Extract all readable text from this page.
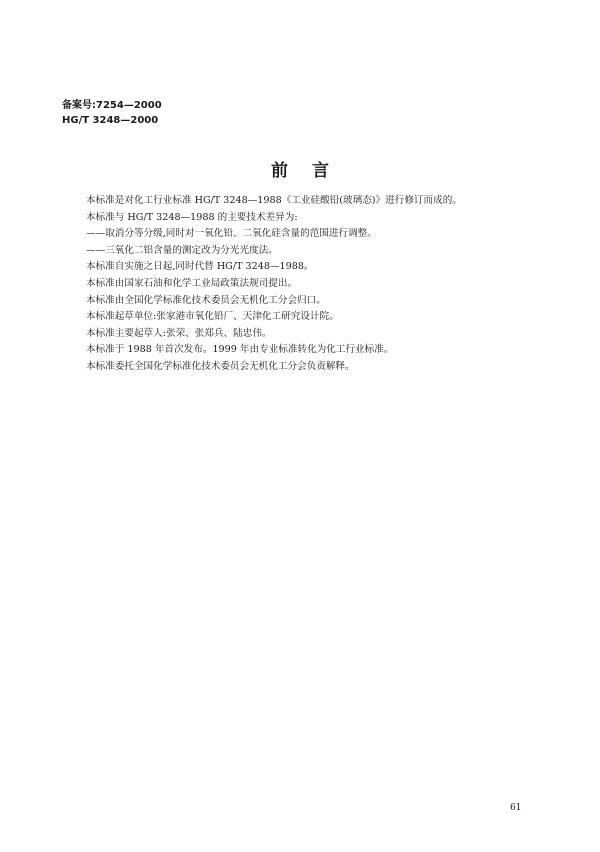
备案号:7254—2000
HG/T 3248—2000
前言
本标准是对化工行业标准 HG/T 3248—1988《工业硅酸铅(玻璃态)》进行修订而成的。
本标准与 HG/T 3248—1988 的主要技术差异为:
——取消分等分级,同时对一氧化铅、二氧化硅含量的范围进行调整。
——三氧化二铝含量的测定改为分光光度法。
本标准自实施之日起,同时代替 HG/T 3248—1988。
本标准由国家石油和化学工业局政策法规司提出。
本标准由全国化学标准化技术委员会无机化工分会归口。
本标准起草单位:张家港市氧化铅厂、天津化工研究设计院。
本标准主要起草人:张荣、张郑兵、陆忠伟。
本标准于 1988 年首次发布。1999 年由专业标准转化为化工行业标准。
本标准委托全国化学标准化技术委员会无机化工分会负责解释。
61
